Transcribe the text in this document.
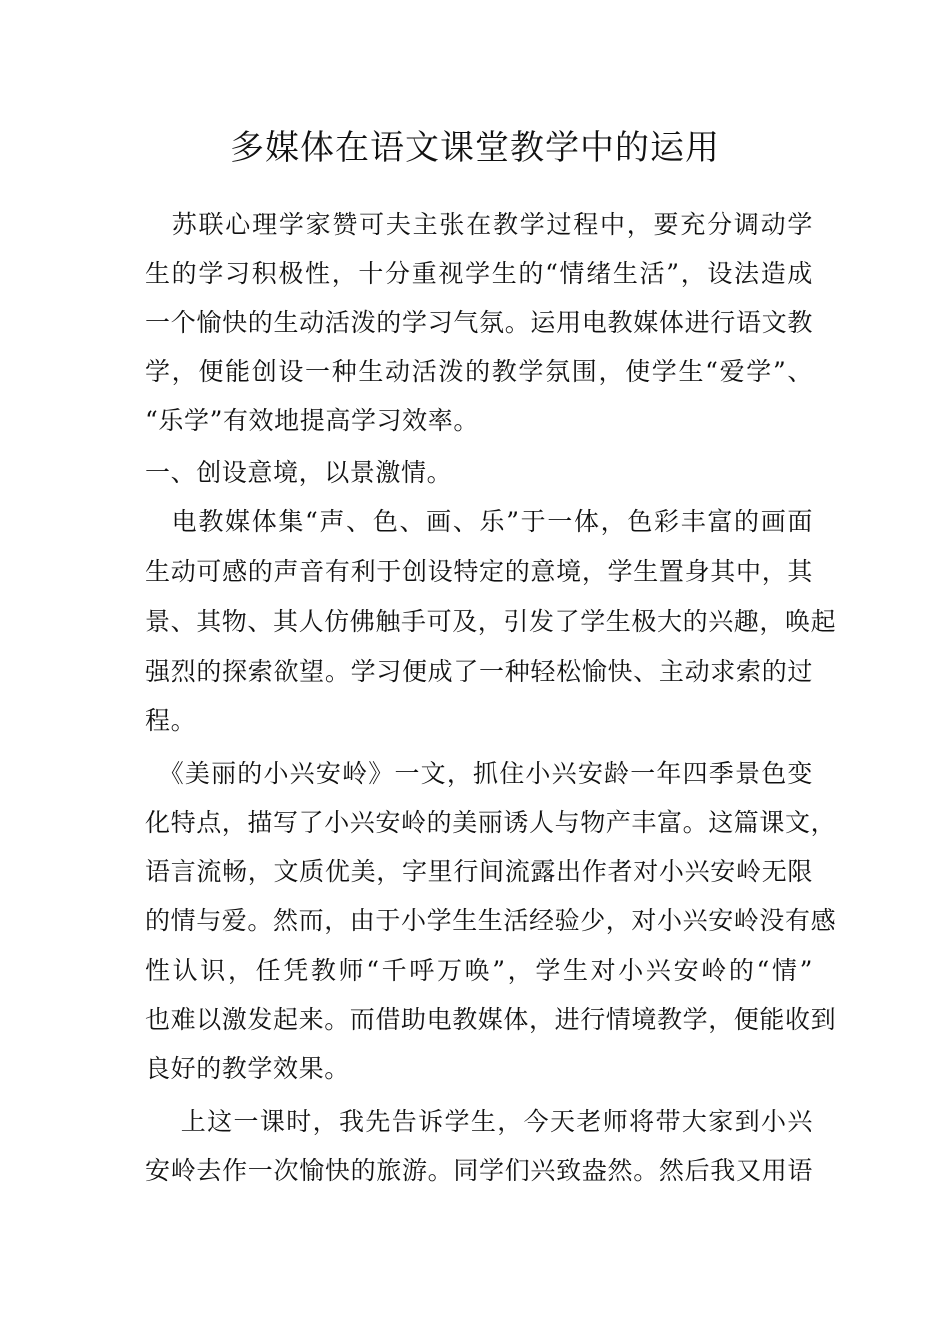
多媒体在语文课堂教学中的运用
　苏联心理学家赞可夫主张在教学过程中，要充分调动学
生的学习积极性，十分重视学生的“情绪生活”，设法造成
一个愉快的生动活泼的学习气氛。运用电教媒体进行语文教
学，便能创设一种生动活泼的教学氛围，使学生“爱学”、
“乐学”有效地提高学习效率。
一、创设意境，以景激情。
　电教媒体集“声、色、画、乐”于一体，色彩丰富的画面
生动可感的声音有利于创设特定的意境，学生置身其中，其
景、其物、其人仿佛触手可及，引发了学生极大的兴趣，唤起
强烈的探索欲望。学习便成了一种轻松愉快、主动求索的过
程。
　《美丽的小兴安岭》一文，抓住小兴安龄一年四季景色变
化特点，描写了小兴安岭的美丽诱人与物产丰富。这篇课文，
语言流畅，文质优美，字里行间流露出作者对小兴安岭无限
的情与爱。然而，由于小学生生活经验少，对小兴安岭没有感
性认识，任凭教师“千呼万唤”，学生对小兴安岭的“情”
也难以激发起来。而借助电教媒体，进行情境教学，便能收到
良好的教学效果。
　 上这一课时，我先告诉学生，今天老师将带大家到小兴
安岭去作一次愉快的旅游。同学们兴致盎然。然后我又用语
